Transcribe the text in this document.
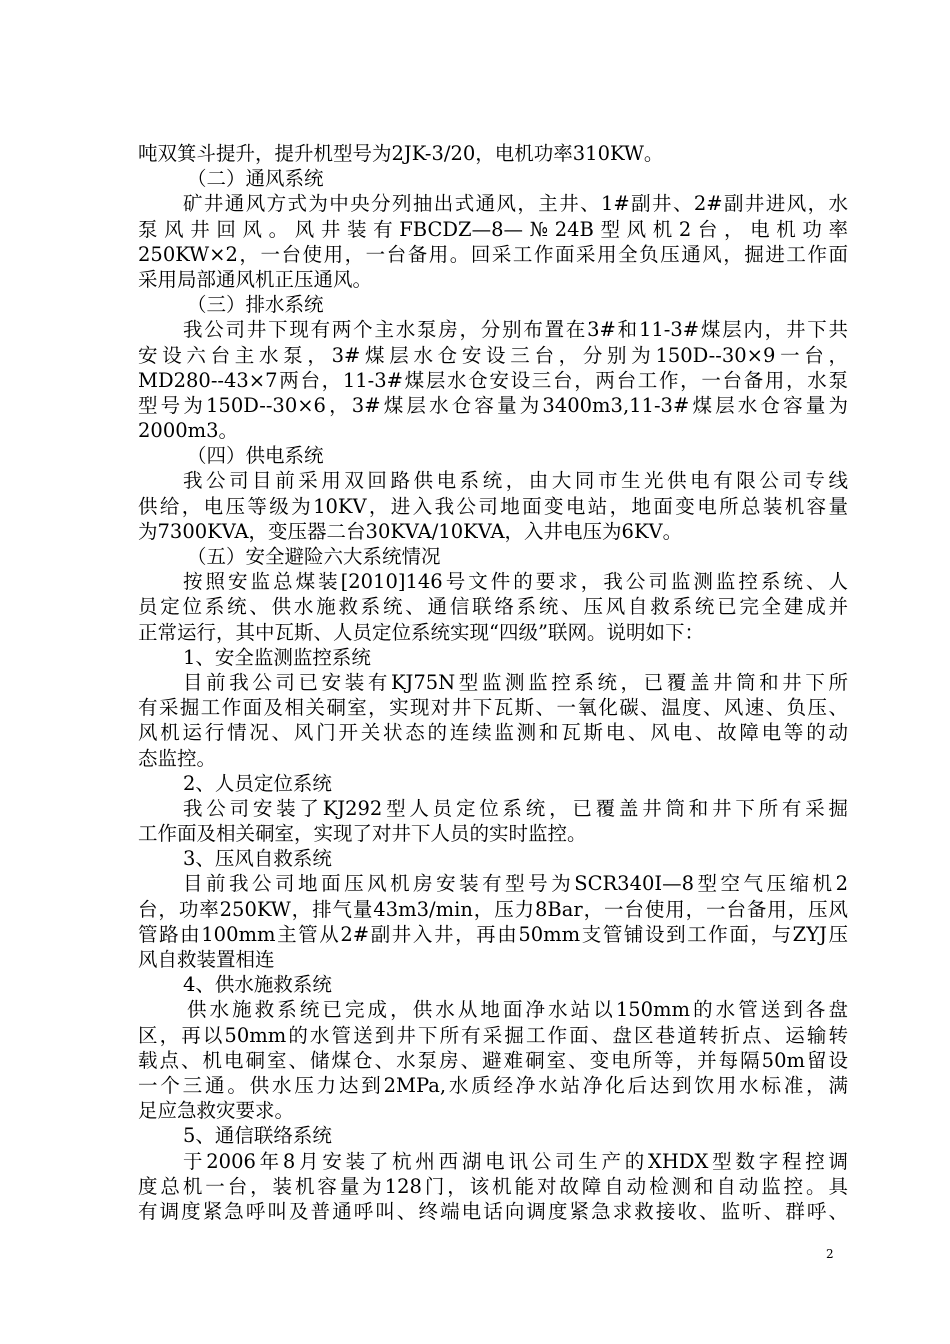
吨双箕斗提升，提升机型号为2JK-3/20，电机功率310KW。
（二）通风系统
矿井通风方式为中央分列抽出式通风，主井、1#副井、2#副井进风，水
泵风井回风。风井装有FBCDZ—8—№24B型风机2台，电机功率
250KW×2，一台使用，一台备用。回采工作面采用全负压通风，掘进工作面
采用局部通风机正压通风。
（三）排水系统
我公司井下现有两个主水泵房，分别布置在3#和11-3#煤层内，井下共
安设六台主水泵，3#煤层水仓安设三台，分别为150D--30×9一台，
MD280--43×7两台，11-3#煤层水仓安设三台，两台工作，一台备用，水泵
型号为150D--30×6，3#煤层水仓容量为3400m3,11-3#煤层水仓容量为
2000m3。
（四）供电系统
我公司目前采用双回路供电系统，由大同市生光供电有限公司专线
供给，电压等级为10KV，进入我公司地面变电站，地面变电所总装机容量
为7300KVA，变压器二台30KVA/10KVA，入井电压为6KV。
（五）安全避险六大系统情况
按照安监总煤装[2010]146号文件的要求，我公司监测监控系统、人
员定位系统、供水施救系统、通信联络系统、压风自救系统已完全建成并
正常运行，其中瓦斯、人员定位系统实现“四级”联网。说明如下：
1、安全监测监控系统
目前我公司已安装有KJ75N型监测监控系统，已覆盖井筒和井下所
有采掘工作面及相关硐室，实现对井下瓦斯、一氧化碳、温度、风速、负压、
风机运行情况、风门开关状态的连续监测和瓦斯电、风电、故障电等的动
态监控。
2、人员定位系统
我公司安装了KJ292型人员定位系统，已覆盖井筒和井下所有采掘
工作面及相关硐室，实现了对井下人员的实时监控。
3、压风自救系统
目前我公司地面压风机房安装有型号为SCR340I—8型空气压缩机2
台，功率250KW，排气量43m3/min，压力8Bar，一台使用，一台备用，压风
管路由100mm主管从2#副井入井，再由50mm支管铺设到工作面，与ZYJ压
风自救装置相连
4、供水施救系统
供水施救系统已完成，供水从地面净水站以150mm的水管送到各盘
区，再以50mm的水管送到井下所有采掘工作面、盘区巷道转折点、运输转
载点、机电硐室、储煤仓、水泵房、避难硐室、变电所等，并每隔50m留设
一个三通。供水压力达到2MPa,水质经净水站净化后达到饮用水标准，满
足应急救灾要求。
5、通信联络系统
于2006年8月安装了杭州西湖电讯公司生产的XHDX型数字程控调
度总机一台，装机容量为128门，该机能对故障自动检测和自动监控。具
有调度紧急呼叫及普通呼叫、终端电话向调度紧急求救接收、监听、群呼、
2
